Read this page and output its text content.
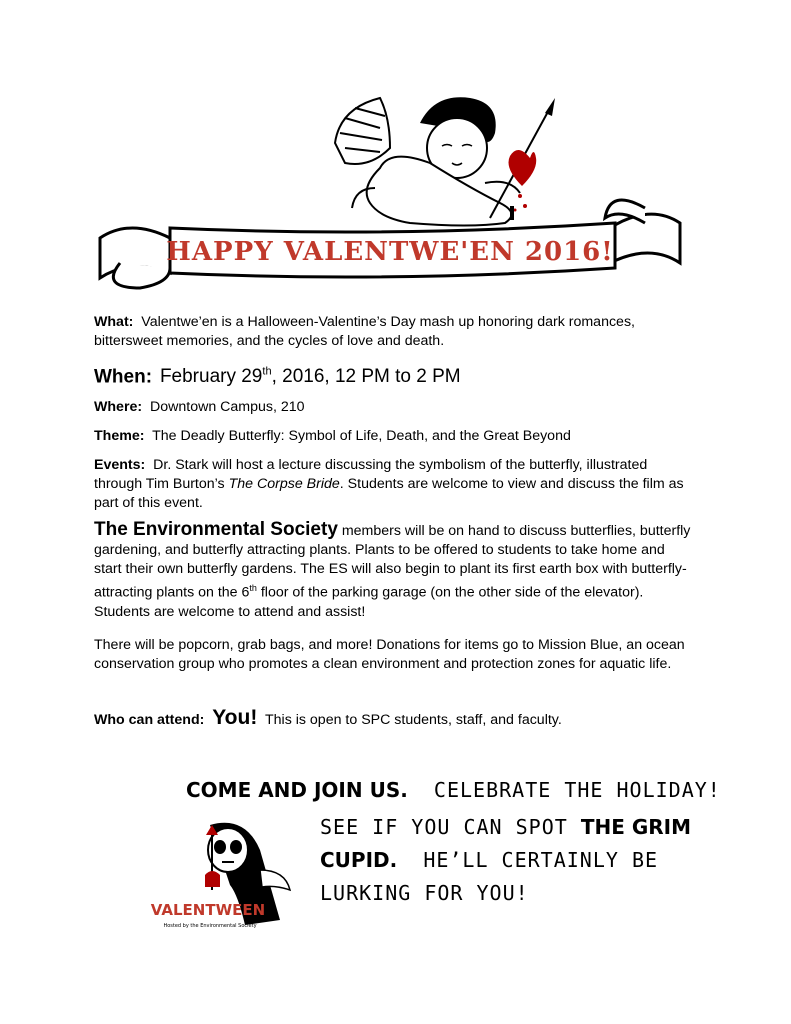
HAPPY VALENTWE'EN 2016!
What: Valentwe’en is a Halloween-Valentine’s Day mash up honoring dark romances, bittersweet memories, and the cycles of love and death.
When: February 29th, 2016, 12 PM to 2 PM
Where: Downtown Campus, 210
Theme: The Deadly Butterfly: Symbol of Life, Death, and the Great Beyond
Events: Dr. Stark will host a lecture discussing the symbolism of the butterfly, illustrated through Tim Burton’s The Corpse Bride. Students are welcome to view and discuss the film as part of this event.
The Environmental Society members will be on hand to discuss butterflies, butterfly gardening, and butterfly attracting plants. Plants to be offered to students to take home and start their own butterfly gardens. The ES will also begin to plant its first earth box with butterfly-attracting plants on the 6th floor of the parking garage (on the other side of the elevator). Students are welcome to attend and assist!
There will be popcorn, grab bags, and more! Donations for items go to Mission Blue, an ocean conservation group who promotes a clean environment and protection zones for aquatic life.
Who can attend: You! This is open to SPC students, staff, and faculty.
COME AND JOIN US. CELEBRATE THE HOLIDAY!
SEE IF YOU CAN SPOT THE GRIM
CUPID. HE’LL CERTAINLY BE
LURKING FOR YOU!
VALENTWEEN
Hosted by the Environmental Society
